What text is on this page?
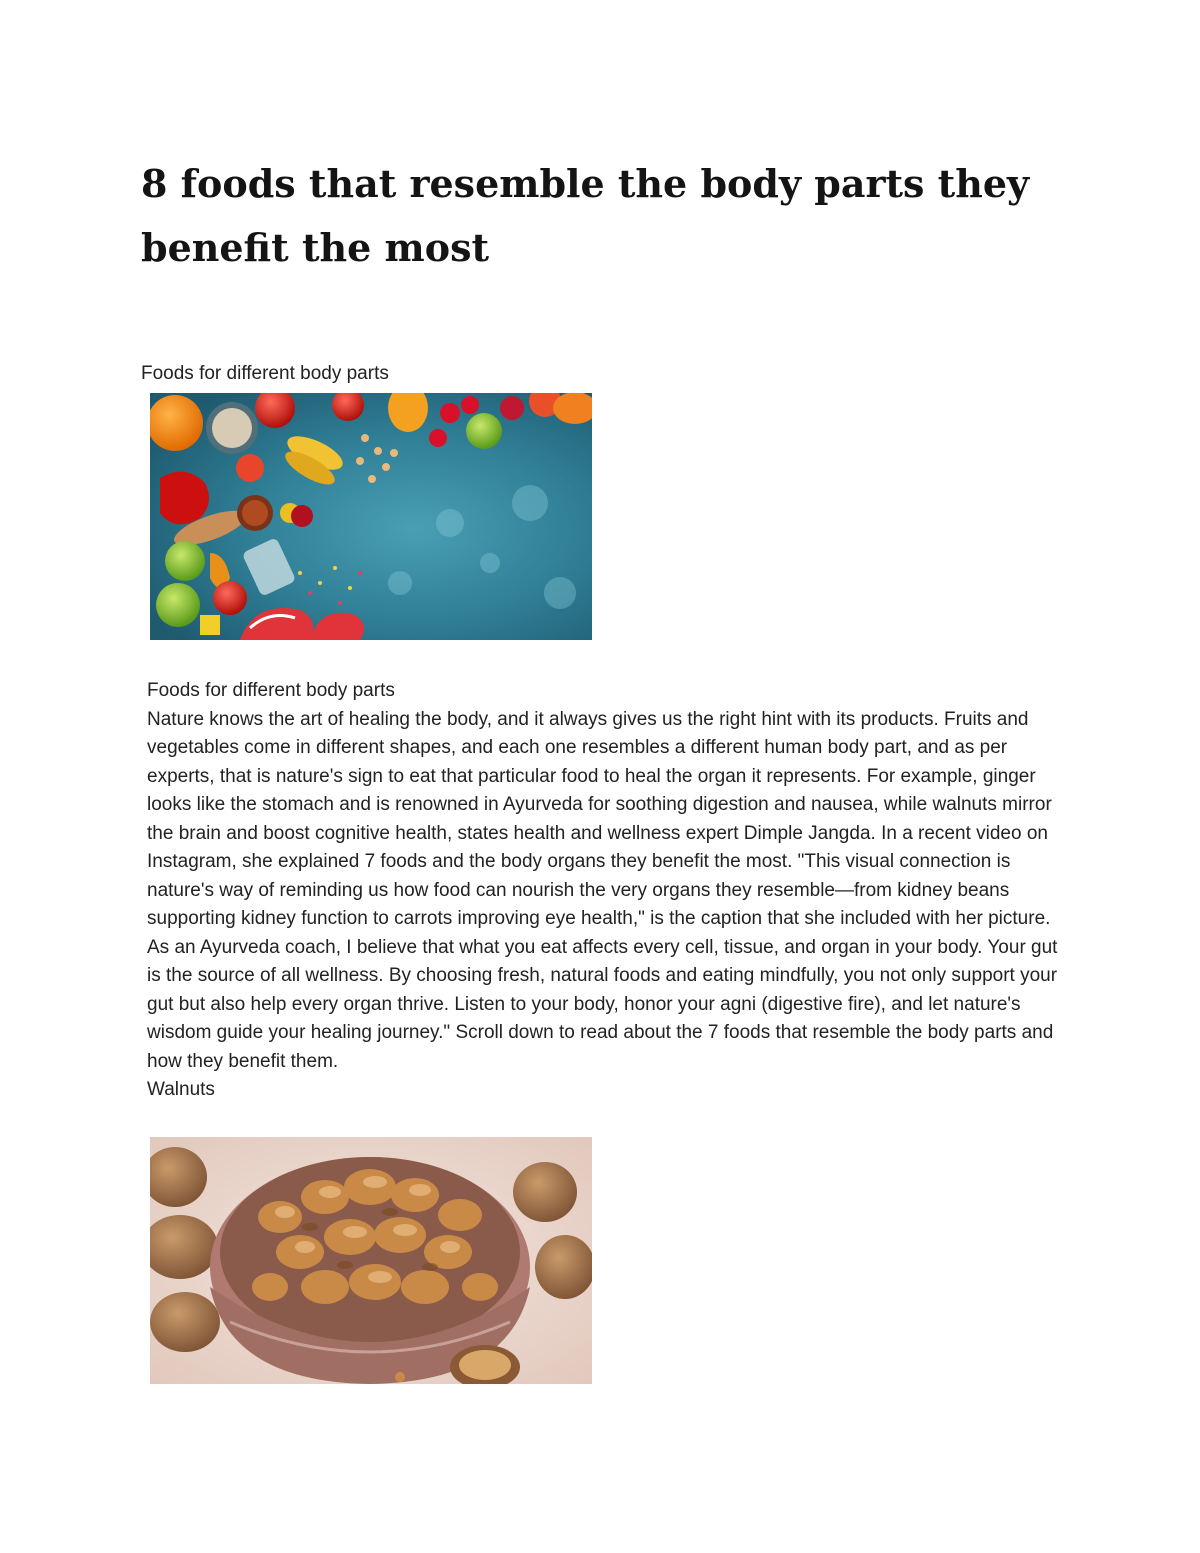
8 foods that resemble the body parts they benefit the most
Foods for different body parts

Foods for different body parts

Nature knows the art of healing the body, and it always gives us the right hint with its products. Fruits and vegetables come in different shapes, and each one resembles a different human body part, and as per experts, that is nature's sign to eat that particular food to heal the organ it represents. For example, ginger looks like the stomach and is renowned in Ayurveda for soothing digestion and nausea, while walnuts mirror the brain and boost cognitive health, states health and wellness expert Dimple Jangda. In a recent video on Instagram, she explained 7 foods and the body organs they benefit the most. "This visual connection is nature's way of reminding us how food can nourish the very organs they resemble—from kidney beans supporting kidney function to carrots improving eye health," is the caption that she included with her picture. As an Ayurveda coach, I believe that what you eat affects every cell, tissue, and organ in your body. Your gut is the source of all wellness. By choosing fresh, natural foods and eating mindfully, you not only support your gut but also help every organ thrive. Listen to your body, honor your agni (digestive fire), and let nature's wisdom guide your healing journey." Scroll down to read about the 7 foods that resemble the body parts and how they benefit them.

Walnuts
